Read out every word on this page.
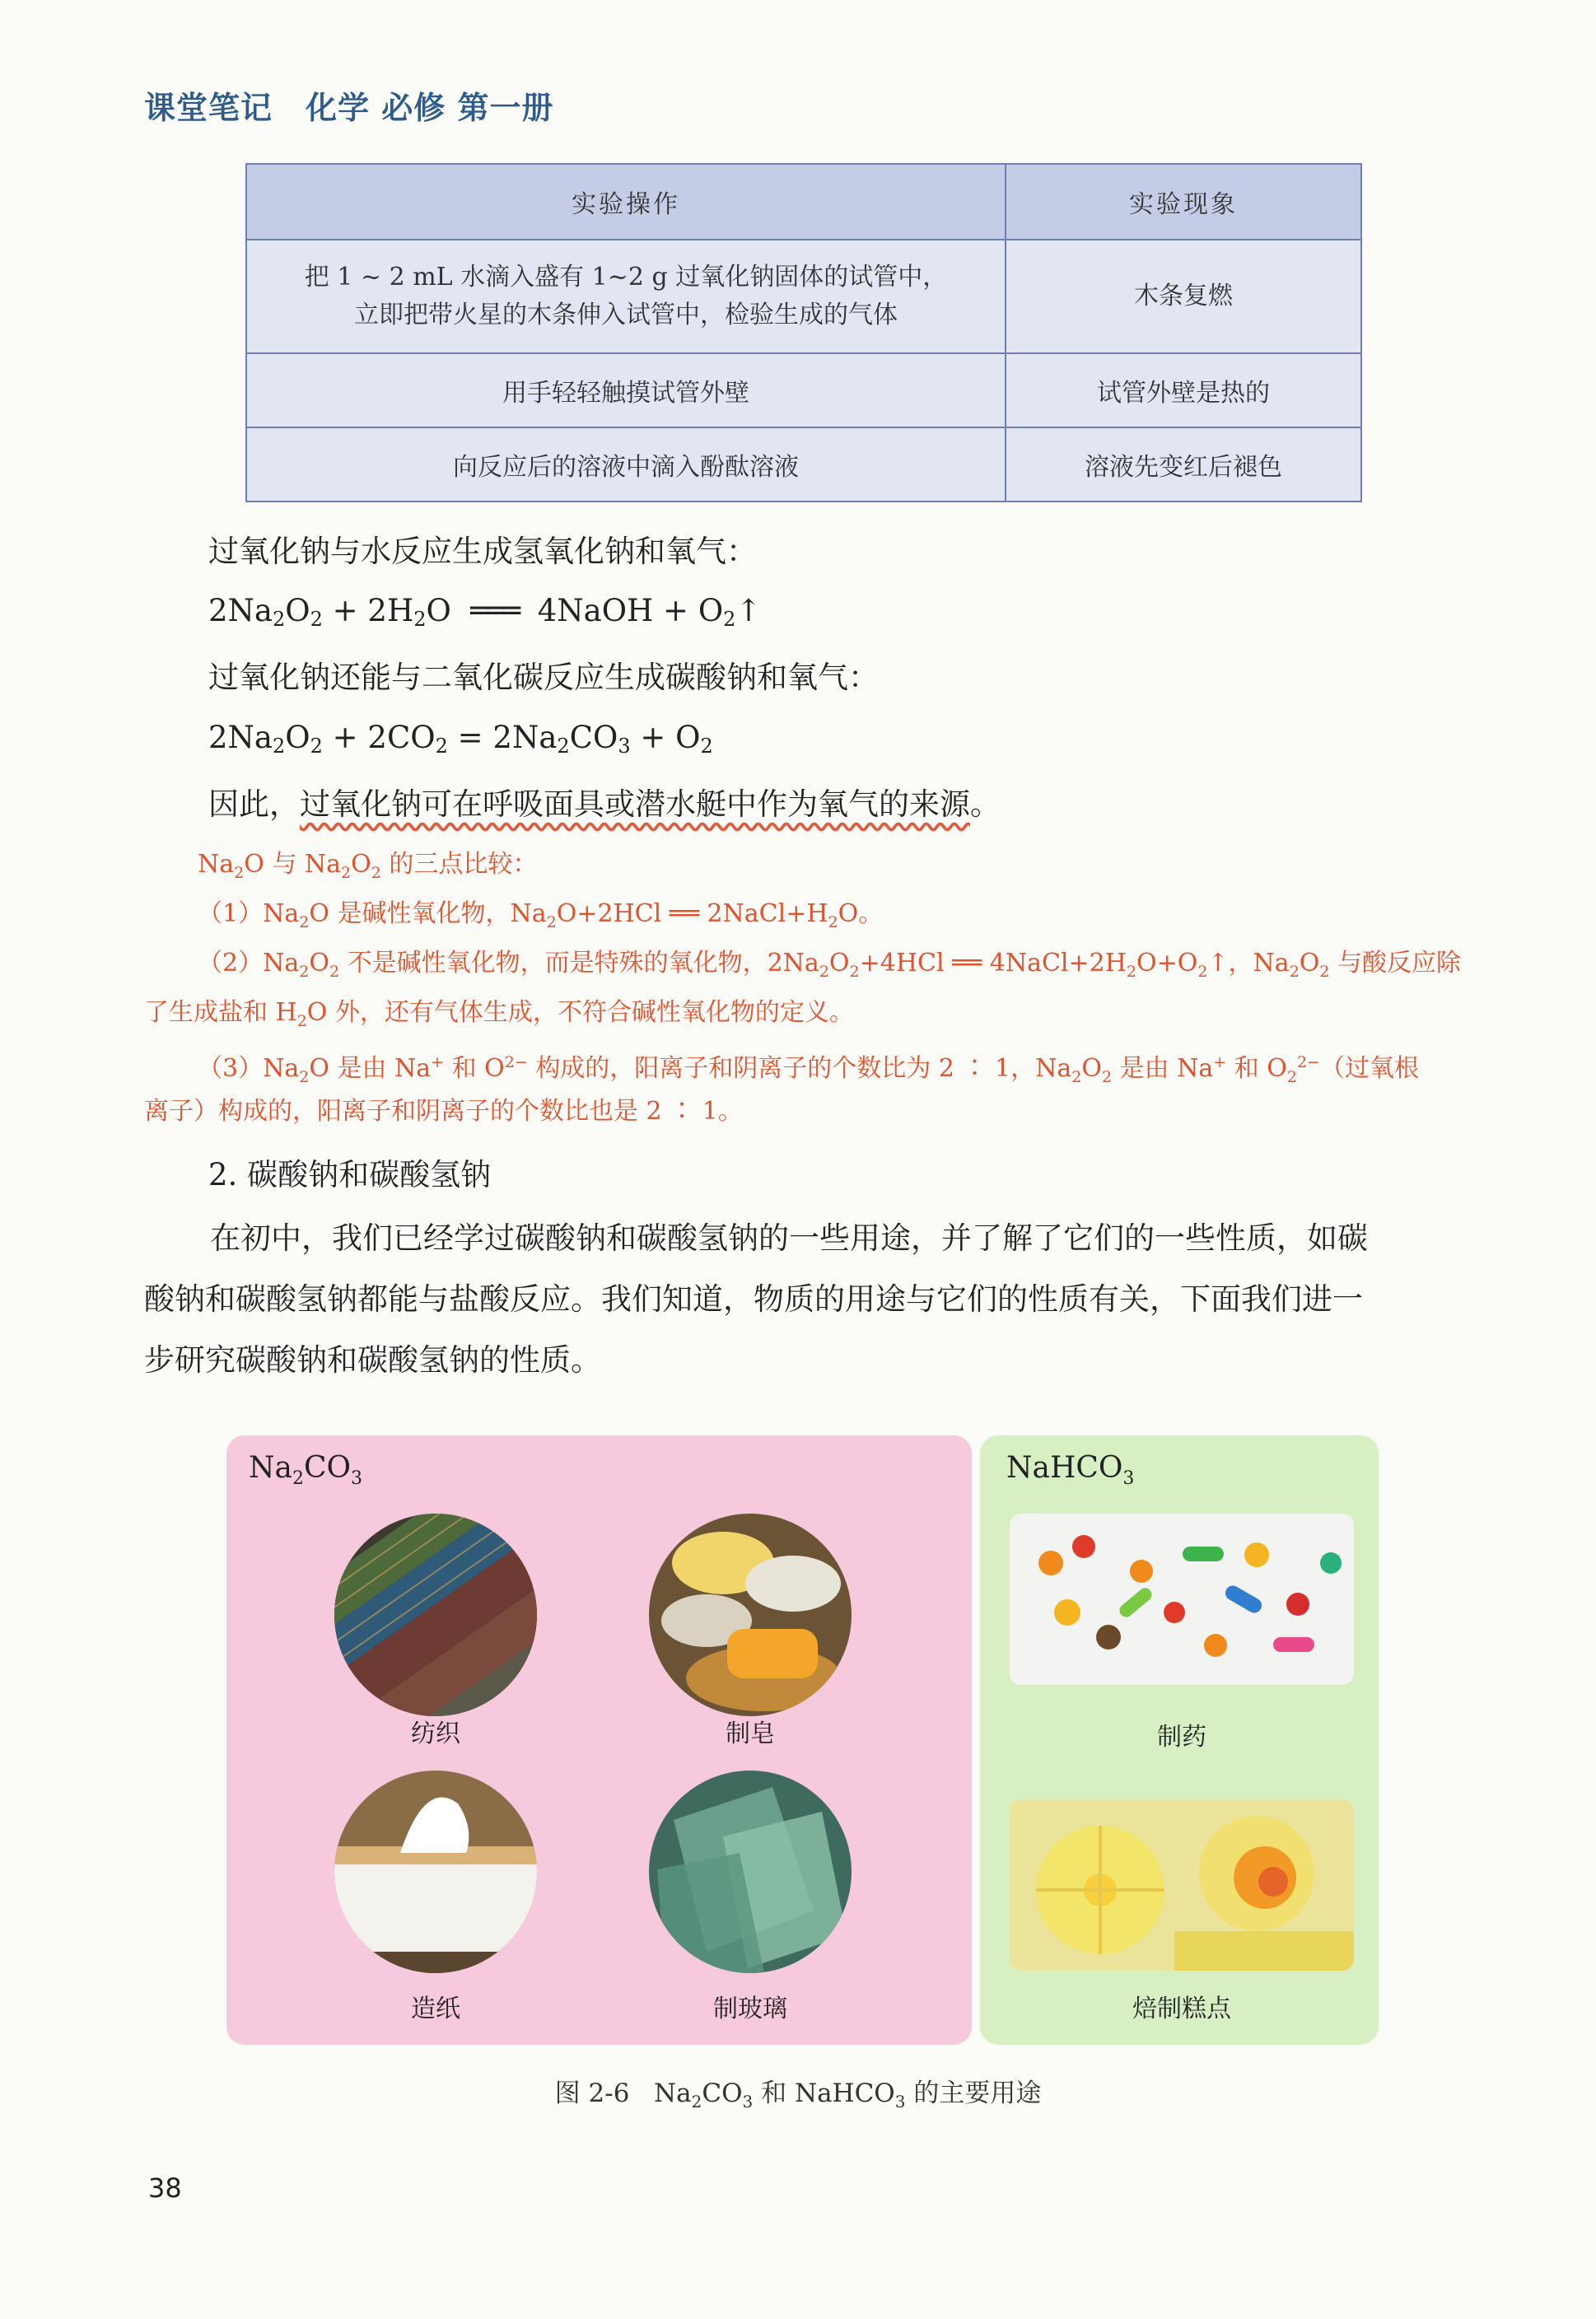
课堂笔记 化学 必修 第一册
实验操作	实验现象

把 1 ~ 2 mL 水滴入盛有 1~2 g 过氧化钠固体的试管中，
立即把带火星的木条伸入试管中，检验生成的气体	木条复燃
用手轻轻触摸试管外壁	试管外壁是热的
向反应后的溶液中滴入酚酞溶液	溶液先变红后褪色
过氧化钠与水反应生成氢氧化钠和氧气：
$2Na_2O_2 + 2H_2O$  ═══  4NaOH + $O_2↑$
过氧化钠还能与二氧化碳反应生成碳酸钠和氧气：
$2Na_2O_2 + 2CO_2 = 2Na_2CO_3 + O_2$
因此，过氧化钠可在呼吸面具或潜水艇中作为氧气的来源。
$Na_2O$ 与 $Na_2O_2$ 的三点比较：
$(1)Na_2O$ 是碱性氧化物，$Na_2O+2HCl$ ══ $2NaCl+H_2O$。
$(2)Na_2O_2$ 不是碱性氧化物，而是特殊的氧化物，$2Na_2O_2+4HCl$ ══ $4NaCl+2H_2O+O_2↑$，$Na_2O_2$ 与酸反应除
了生成盐和 $H_2O$ 外，还有气体生成，不符合碱性氧化物的定义。
$(3)Na_2O$ 是由 Na+ 和 $O^{2-}$ 构成的，阳离子和阴离子的个数比为 2 ∶ 1，$Na_2O_2$ 是由 Na+ 和 $O_2^{2-}$（过氧根
离子）构成的，阳离子和阴离子的个数比也是 2 ∶ 1。
2. 碳酸钠和碳酸氢钠
在初中，我们已经学过碳酸钠和碳酸氢钠的一些用途，并了解了它们的一些性质，如碳
酸钠和碳酸氢钠都能与盐酸反应。我们知道，物质的用途与它们的性质有关，下面我们进一
步研究碳酸钠和碳酸氢钠的性质。
$Na_2CO_3$	NaHCO$_3$
纺织	制皂	制药
造纸	制玻璃	焙制糕点
图 2-6   $Na_2CO_3$ 和 NaHCO$_3$ 的主要用途
38
